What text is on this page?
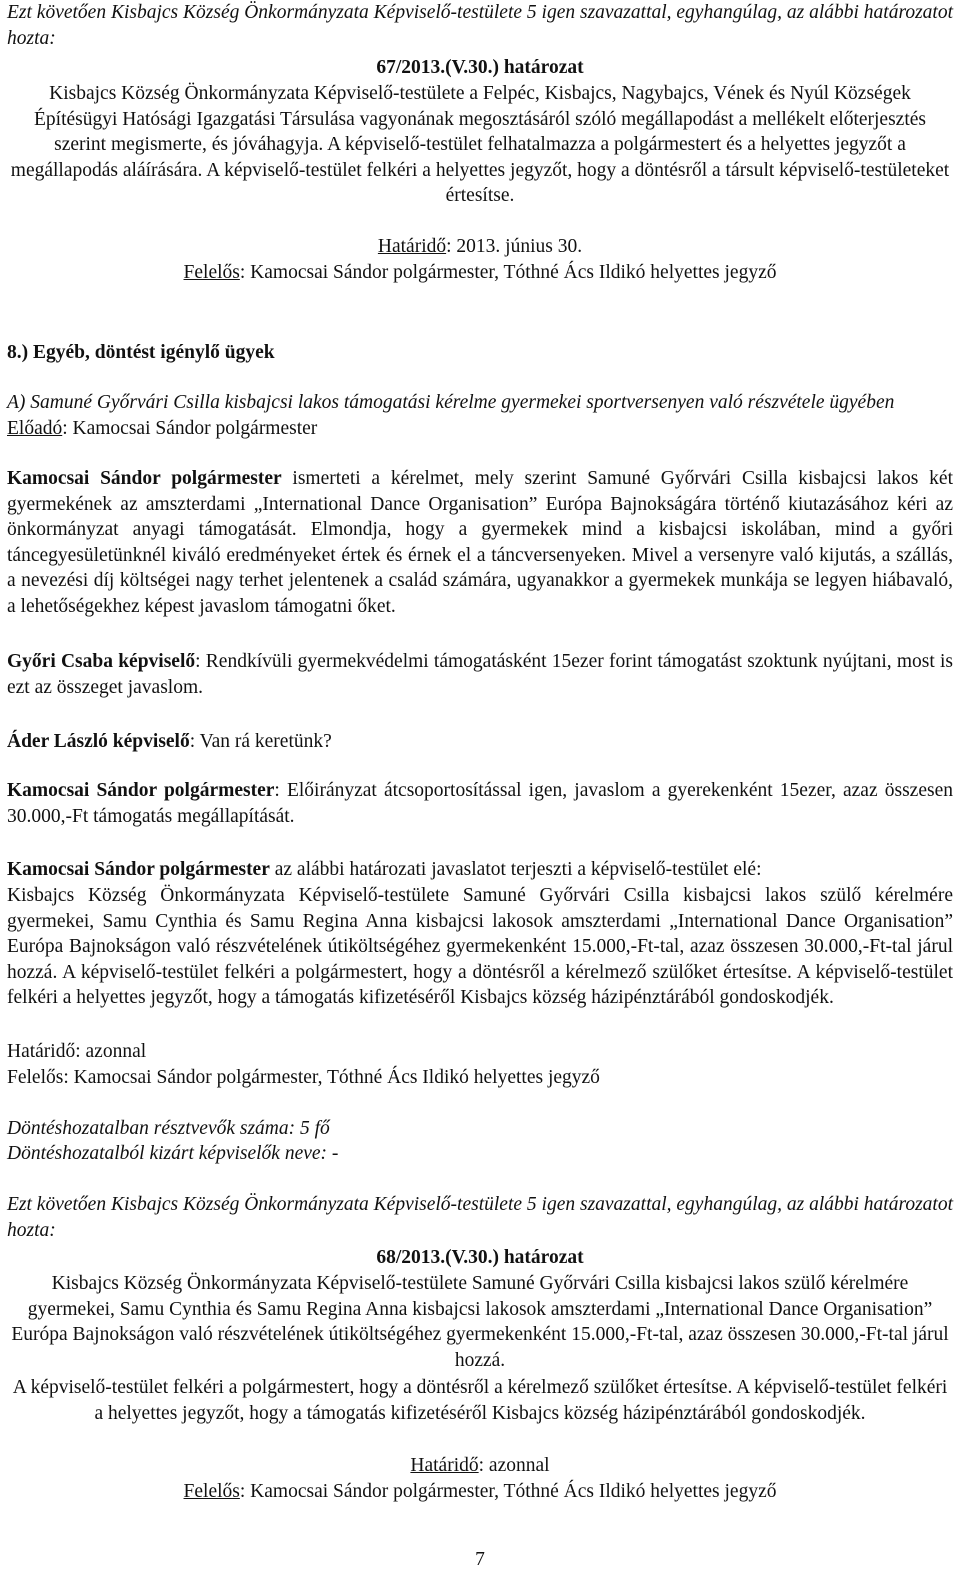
Ezt követően Kisbajcs Község Önkormányzata Képviselő-testülete 5 igen szavazattal, egyhangúlag, az alábbi határozatot hozta:

67/2013.(V.30.) határozat

Kisbajcs Község Önkormányzata Képviselő-testülete a Felpéc, Kisbajcs, Nagybajcs, Vének és Nyúl Községek Építésügyi Hatósági Igazgatási Társulása vagyonának megosztásáról szóló megállapodást a mellékelt előterjesztés szerint megismerte, és jóváhagyja. A képviselő-testület felhatalmazza a polgármestert és a helyettes jegyzőt a megállapodás aláírására. A képviselő-testület felkéri a helyettes jegyzőt, hogy a döntésről a társult képviselő-testületeket értesítse.

Határidő: 2013. június 30.

Felelős: Kamocsai Sándor polgármester, Tóthné Ács Ildikó helyettes jegyző

8.) Egyéb, döntést igénylő ügyek

A) Samuné Győrvári Csilla kisbajcsi lakos támogatási kérelme gyermekei sportversenyen való részvétele ügyében

Előadó: Kamocsai Sándor polgármester

Kamocsai Sándor polgármester ismerteti a kérelmet, mely szerint Samuné Győrvári Csilla kisbajcsi lakos két gyermekének az amszterdami „International Dance Organisation” Európa Bajnokságára történő kiutazásához kéri az önkormányzat anyagi támogatását. Elmondja, hogy a gyermekek mind a kisbajcsi iskolában, mind a győri táncegyesületünknél kiváló eredményeket értek és érnek el a táncversenyeken. Mivel a versenyre való kijutás, a szállás, a nevezési díj költségei nagy terhet jelentenek a család számára, ugyanakkor a gyermekek munkája se legyen hiábavaló, a lehetőségekhez képest javaslom támogatni őket.

Győri Csaba képviselő: Rendkívüli gyermekvédelmi támogatásként 15ezer forint támogatást szoktunk nyújtani, most is ezt az összeget javaslom.

Áder László képviselő: Van rá keretünk?

Kamocsai Sándor polgármester: Előirányzat átcsoportosítással igen, javaslom a gyerekenként 15ezer, azaz összesen 30.000,-Ft támogatás megállapítását.

Kamocsai Sándor polgármester az alábbi határozati javaslatot terjeszti a képviselő-testület elé:

Kisbajcs Község Önkormányzata Képviselő-testülete Samuné Győrvári Csilla kisbajcsi lakos szülő kérelmére gyermekei, Samu Cynthia és Samu Regina Anna kisbajcsi lakosok amszterdami „International Dance Organisation” Európa Bajnokságon való részvételének útiköltségéhez gyermekenként 15.000,-Ft-tal, azaz összesen 30.000,-Ft-tal járul hozzá. A képviselő-testület felkéri a polgármestert, hogy a döntésről a kérelmező szülőket értesítse. A képviselő-testület felkéri a helyettes jegyzőt, hogy a támogatás kifizetéséről Kisbajcs község házipénztárából gondoskodjék.

Határidő: azonnal

Felelős: Kamocsai Sándor polgármester, Tóthné Ács Ildikó helyettes jegyző

Döntéshozatalban résztvevők száma: 5 fő

Döntéshozatalból kizárt képviselők neve: -

Ezt követően Kisbajcs Község Önkormányzata Képviselő-testülete 5 igen szavazattal, egyhangúlag, az alábbi határozatot hozta:

68/2013.(V.30.) határozat

Kisbajcs Község Önkormányzata Képviselő-testülete Samuné Győrvári Csilla kisbajcsi lakos szülő kérelmére gyermekei, Samu Cynthia és Samu Regina Anna kisbajcsi lakosok amszterdami „International Dance Organisation” Európa Bajnokságon való részvételének útiköltségéhez gyermekenként 15.000,-Ft-tal, azaz összesen 30.000,-Ft-tal járul hozzá.

A képviselő-testület felkéri a polgármestert, hogy a döntésről a kérelmező szülőket értesítse. A képviselő-testület felkéri a helyettes jegyzőt, hogy a támogatás kifizetéséről Kisbajcs község házipénztárából gondoskodjék.

Határidő: azonnal

Felelős: Kamocsai Sándor polgármester, Tóthné Ács Ildikó helyettes jegyző

7
